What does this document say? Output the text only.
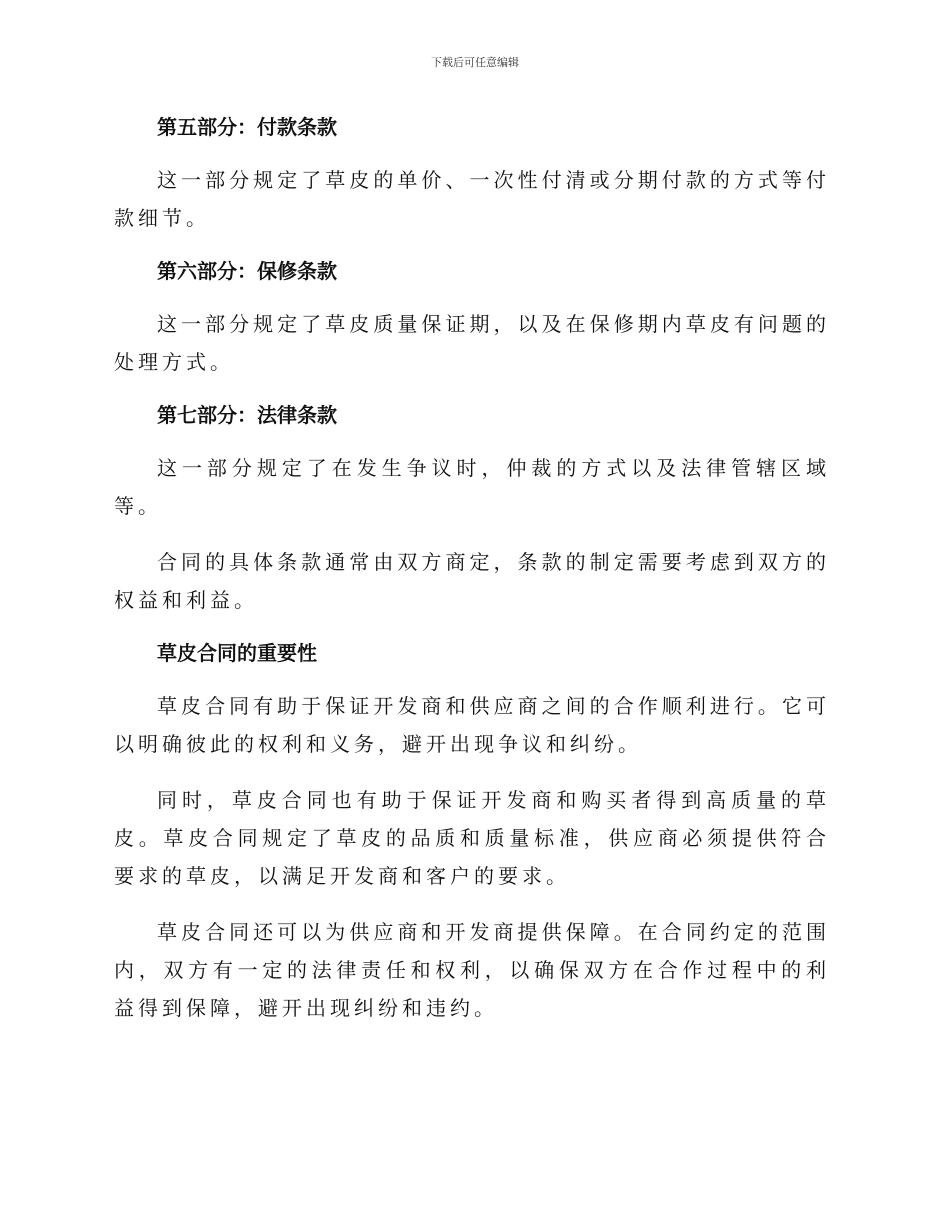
下载后可任意编辑
第五部分：付款条款

这一部分规定了草皮的单价、一次性付清或分期付款的方式等付款细节。

第六部分：保修条款

这一部分规定了草皮质量保证期，以及在保修期内草皮有问题的处理方式。

第七部分：法律条款

这一部分规定了在发生争议时，仲裁的方式以及法律管辖区域等。

合同的具体条款通常由双方商定，条款的制定需要考虑到双方的权益和利益。

草皮合同的重要性

草皮合同有助于保证开发商和供应商之间的合作顺利进行。它可以明确彼此的权利和义务，避开出现争议和纠纷。

同时，草皮合同也有助于保证开发商和购买者得到高质量的草皮。草皮合同规定了草皮的品质和质量标准，供应商必须提供符合要求的草皮，以满足开发商和客户的要求。

草皮合同还可以为供应商和开发商提供保障。在合同约定的范围内，双方有一定的法律责任和权利，以确保双方在合作过程中的利益得到保障，避开出现纠纷和违约。
